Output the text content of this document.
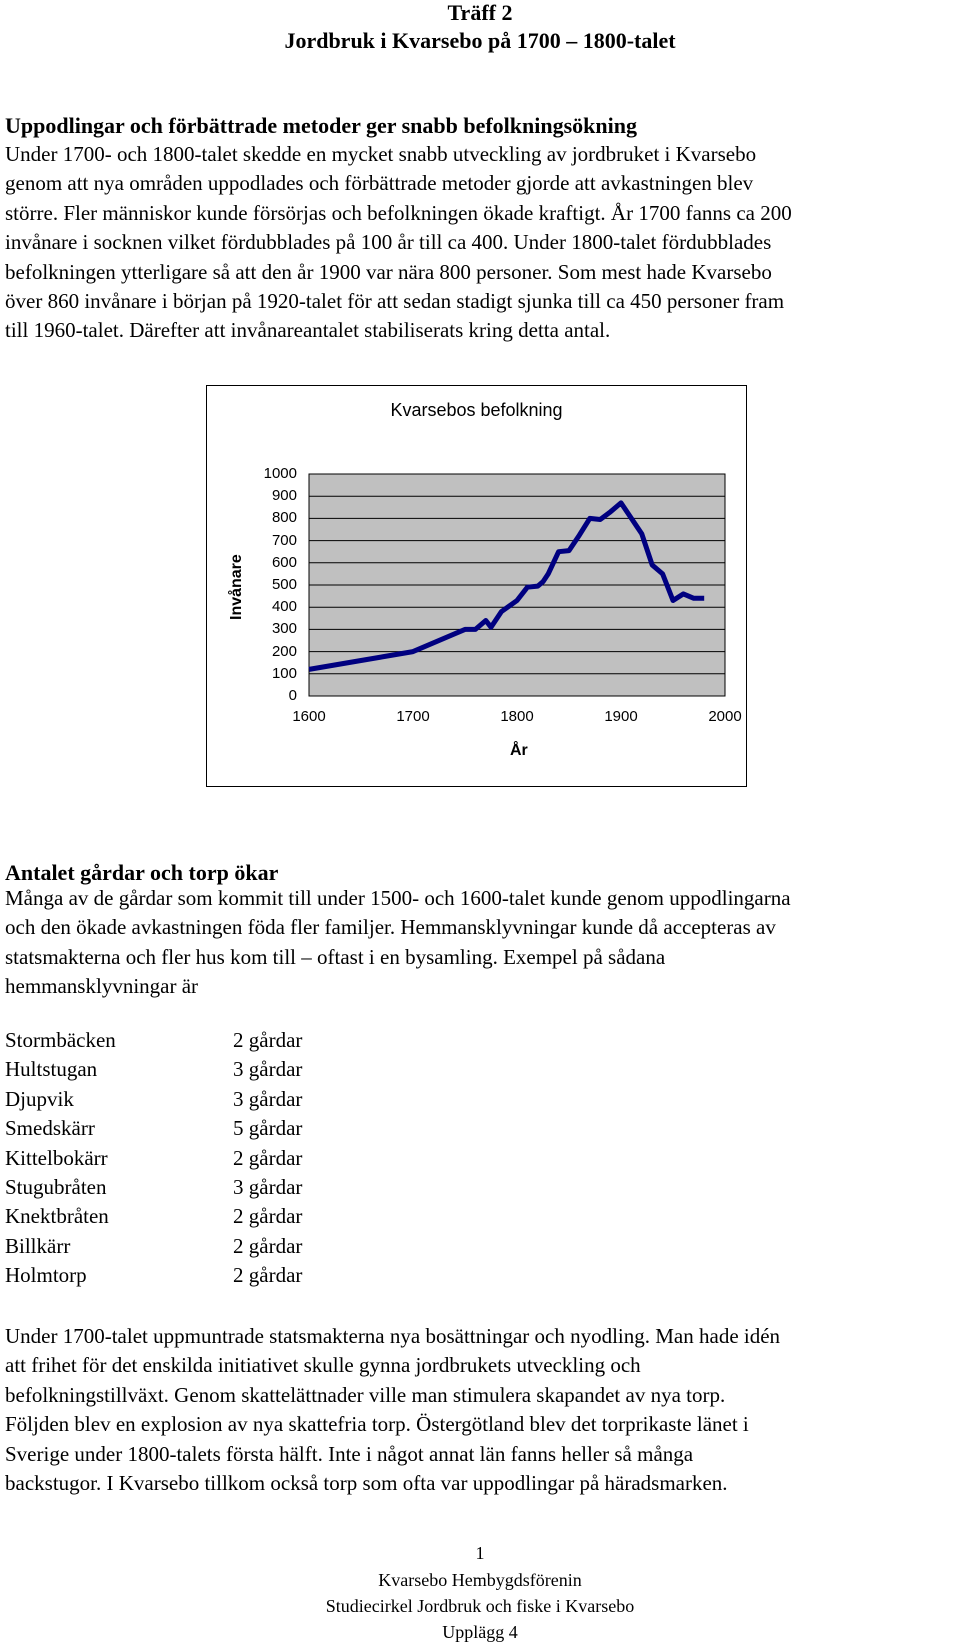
Träff 2
Jordbruk i Kvarsebo på 1700 – 1800-talet
Uppodlingar och förbättrade metoder ger snabb befolkningsökning
Under 1700- och 1800-talet skedde en mycket snabb utveckling av jordbruket i Kvarsebo
genom att nya områden uppodlades och förbättrade metoder gjorde att avkastningen blev
större. Fler människor kunde försörjas och befolkningen ökade kraftigt. År 1700 fanns ca 200
invånare i socknen vilket fördubblades på 100 år till ca 400. Under 1800-talet fördubblades
befolkningen ytterligare så att den år 1900 var nära 800 personer. Som mest hade Kvarsebo
över 860 invånare i början på 1920-talet för att sedan stadigt sjunka till ca 450 personer fram
till 1960-talet. Därefter att invånareantalet stabiliserats kring detta antal.
Kvarsebos befolkning
Invånare
1000
900
800
700
600
500
400
300
200
100
0
1600	1700	1800	1900	2000
År
Antalet gårdar och torp ökar
Många av de gårdar som kommit till under 1500- och 1600-talet kunde genom uppodlingarna
och den ökade avkastningen föda fler familjer. Hemmansklyvningar kunde då accepteras av
statsmakterna och fler hus kom till – oftast i en bysamling. Exempel på sådana
hemmansklyvningar är
Stormbäcken	2 gårdar
Hultstugan	3 gårdar
Djupvik	3 gårdar
Smedskärr	5 gårdar
Kittelbokärr	2 gårdar
Stugubråten	3 gårdar
Knektbråten	2 gårdar
Billkärr	2 gårdar
Holmtorp	2 gårdar
Under 1700-talet uppmuntrade statsmakterna nya bosättningar och nyodling. Man hade idén
att frihet för det enskilda initiativet skulle gynna jordbrukets utveckling och
befolkningstillväxt. Genom skattelättnader ville man stimulera skapandet av nya torp.
Följden blev en explosion av nya skattefria torp. Östergötland blev det torprikaste länet i
Sverige under 1800-talets första hälft. Inte i något annat län fanns heller så många
backstugor. I Kvarsebo tillkom också torp som ofta var uppodlingar på häradsmarken.
1
Kvarsebo Hembygdsförenin
Studiecirkel Jordbruk och fiske i Kvarsebo
Upplägg 4
